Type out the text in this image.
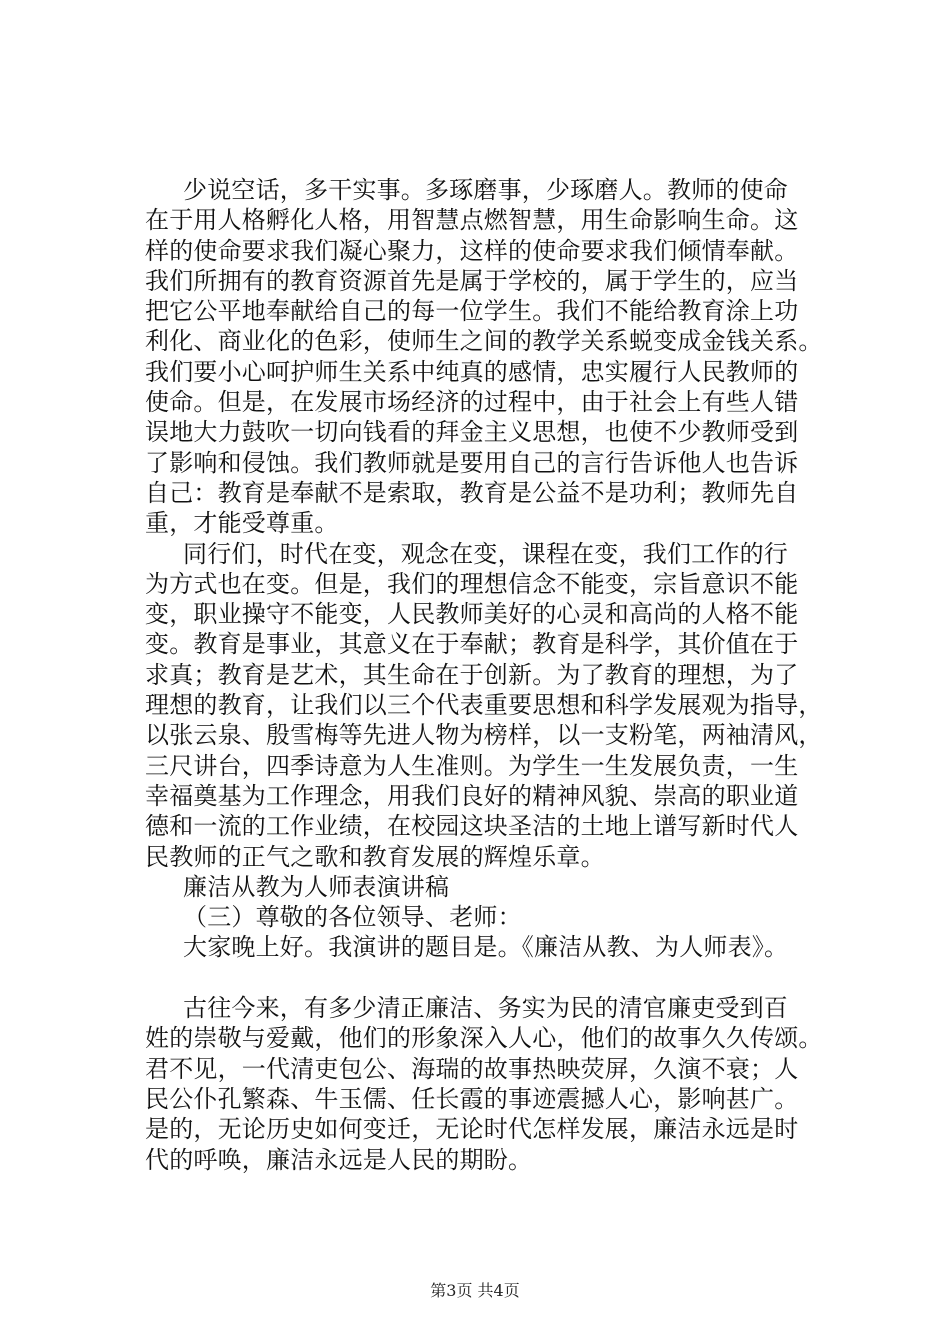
少说空话，多干实事。多琢磨事，少琢磨人。教师的使命
在于用人格孵化人格，用智慧点燃智慧，用生命影响生命。这
样的使命要求我们凝心聚力，这样的使命要求我们倾情奉献。
我们所拥有的教育资源首先是属于学校的，属于学生的，应当
把它公平地奉献给自己的每一位学生。我们不能给教育涂上功
利化、商业化的色彩，使师生之间的教学关系蜕变成金钱关系。
我们要小心呵护师生关系中纯真的感情，忠实履行人民教师的
使命。但是，在发展市场经济的过程中，由于社会上有些人错
误地大力鼓吹一切向钱看的拜金主义思想，也使不少教师受到
了影响和侵蚀。我们教师就是要用自己的言行告诉他人也告诉
自己：教育是奉献不是索取，教育是公益不是功利；教师先自
重，才能受尊重。
同行们，时代在变，观念在变，课程在变，我们工作的行
为方式也在变。但是，我们的理想信念不能变，宗旨意识不能
变，职业操守不能变，人民教师美好的心灵和高尚的人格不能
变。教育是事业，其意义在于奉献；教育是科学，其价值在于
求真；教育是艺术，其生命在于创新。为了教育的理想，为了
理想的教育，让我们以三个代表重要思想和科学发展观为指导，
以张云泉、殷雪梅等先进人物为榜样，以一支粉笔，两袖清风，
三尺讲台，四季诗意为人生准则。为学生一生发展负责，一生
幸福奠基为工作理念，用我们良好的精神风貌、崇高的职业道
德和一流的工作业绩，在校园这块圣洁的土地上谱写新时代人
民教师的正气之歌和教育发展的辉煌乐章。
廉洁从教为人师表演讲稿
（三）尊敬的各位领导、老师：
大家晚上好。我演讲的题目是。《廉洁从教、为人师表》。
古往今来，有多少清正廉洁、务实为民的清官廉吏受到百
姓的崇敬与爱戴，他们的形象深入人心，他们的故事久久传颂。
君不见，一代清吏包公、海瑞的故事热映荧屏，久演不衰；人
民公仆孔繁森、牛玉儒、任长霞的事迹震撼人心，影响甚广。
是的，无论历史如何变迁，无论时代怎样发展，廉洁永远是时
代的呼唤，廉洁永远是人民的期盼。
第3页 共4页
